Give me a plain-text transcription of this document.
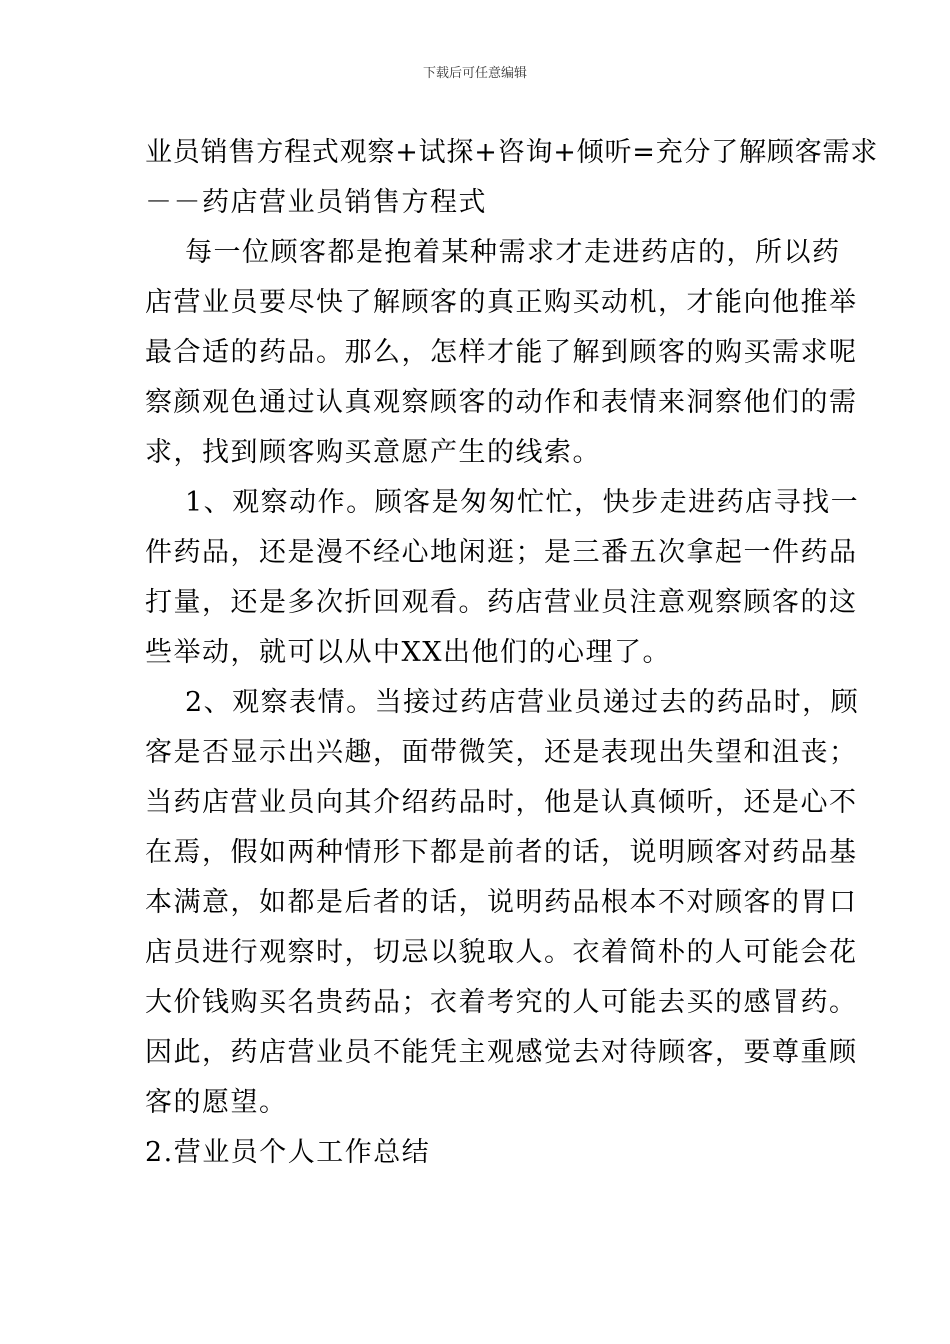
下载后可任意编辑
业员销售方程式观察+试探+咨询+倾听=充分了解顾客需求
－－药店营业员销售方程式
每一位顾客都是抱着某种需求才走进药店的，所以药
店营业员要尽快了解顾客的真正购买动机，才能向他推举
最合适的药品。那么，怎样才能了解到顾客的购买需求呢
察颜观色通过认真观察顾客的动作和表情来洞察他们的需
求，找到顾客购买意愿产生的线索。
1、观察动作。顾客是匆匆忙忙，快步走进药店寻找一
件药品，还是漫不经心地闲逛；是三番五次拿起一件药品
打量，还是多次折回观看。药店营业员注意观察顾客的这
些举动，就可以从中XX出他们的心理了。
2、观察表情。当接过药店营业员递过去的药品时，顾
客是否显示出兴趣，面带微笑，还是表现出失望和沮丧；
当药店营业员向其介绍药品时，他是认真倾听，还是心不
在焉，假如两种情形下都是前者的话，说明顾客对药品基
本满意，如都是后者的话，说明药品根本不对顾客的胃口
店员进行观察时，切忌以貌取人。衣着简朴的人可能会花
大价钱购买名贵药品；衣着考究的人可能去买的感冒药。
因此，药店营业员不能凭主观感觉去对待顾客，要尊重顾
客的愿望。
2.营业员个人工作总结
